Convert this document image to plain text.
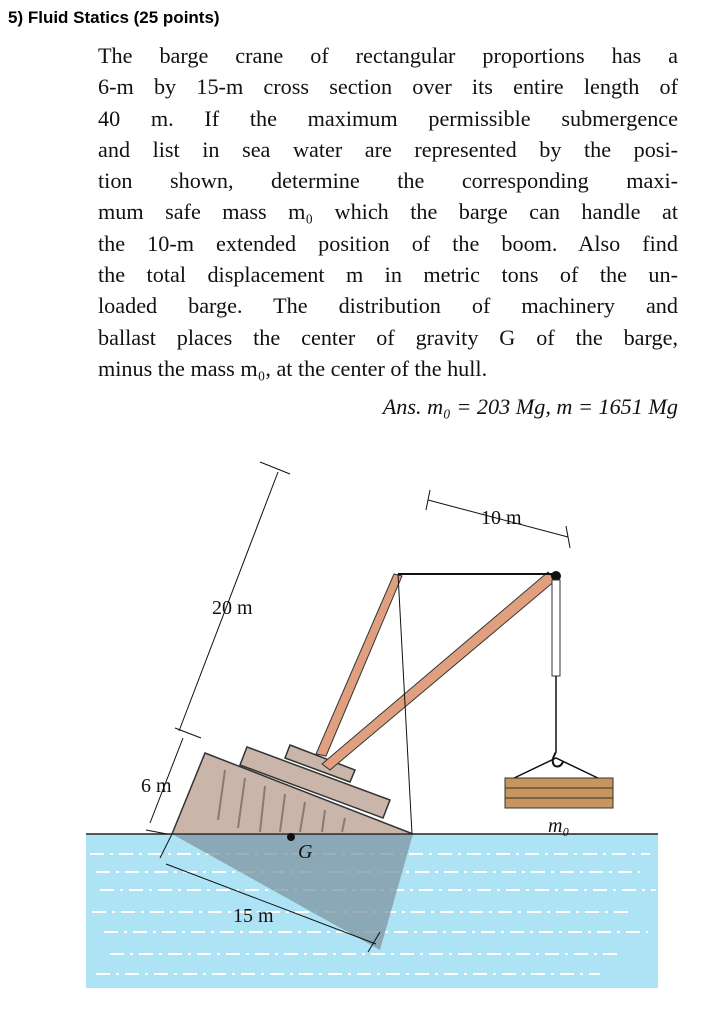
5) Fluid Statics (25 points)
The barge crane of rectangular proportions has a
6-m by 15-m cross section over its entire length of
40 m. If the maximum permissible submergence
and list in sea water are represented by the posi-
tion shown, determine the corresponding maxi-
mum safe mass m₀ which the barge can handle at
the 10-m extended position of the boom. Also find
the total displacement m in metric tons of the un-
loaded barge. The distribution of machinery and
ballast places the center of gravity G of the barge,
minus the mass m₀, at the center of the hull.
Ans. m₀ = 203 Mg, m = 1651 Mg
m₀
20 m
10 m
6 m
15 m
G
